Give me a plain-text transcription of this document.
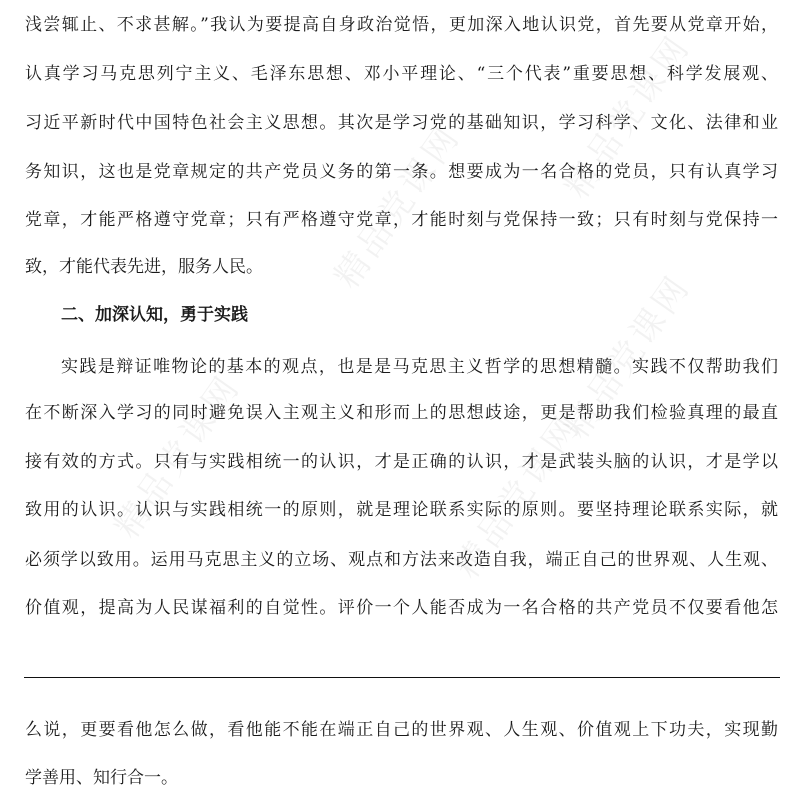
精品党课网
精品党课网
精品党课网
精品党课网
精品党课网
浅尝辄止、不求甚解。”我认为要提高自身政治觉悟，更加深入地认识党，首先要从党章开始，
认真学习马克思列宁主义、毛泽东思想、邓小平理论、“三个代表”重要思想、科学发展观、
习近平新时代中国特色社会主义思想。其次是学习党的基础知识，学习科学、文化、法律和业
务知识，这也是党章规定的共产党员义务的第一条。想要成为一名合格的党员，只有认真学习
党章，才能严格遵守党章；只有严格遵守党章，才能时刻与党保持一致；只有时刻与党保持一
致，才能代表先进，服务人民。
二、加深认知，勇于实践
实践是辩证唯物论的基本的观点，也是是马克思主义哲学的思想精髓。实践不仅帮助我们
在不断深入学习的同时避免误入主观主义和形而上的思想歧途，更是帮助我们检验真理的最直
接有效的方式。只有与实践相统一的认识，才是正确的认识，才是武装头脑的认识，才是学以
致用的认识。认识与实践相统一的原则，就是理论联系实际的原则。要坚持理论联系实际，就
必须学以致用。运用马克思主义的立场、观点和方法来改造自我，端正自己的世界观、人生观、
价值观，提高为人民谋福利的自觉性。评价一个人能否成为一名合格的共产党员不仅要看他怎
么说，更要看他怎么做，看他能不能在端正自己的世界观、人生观、价值观上下功夫，实现勤
学善用、知行合一。
